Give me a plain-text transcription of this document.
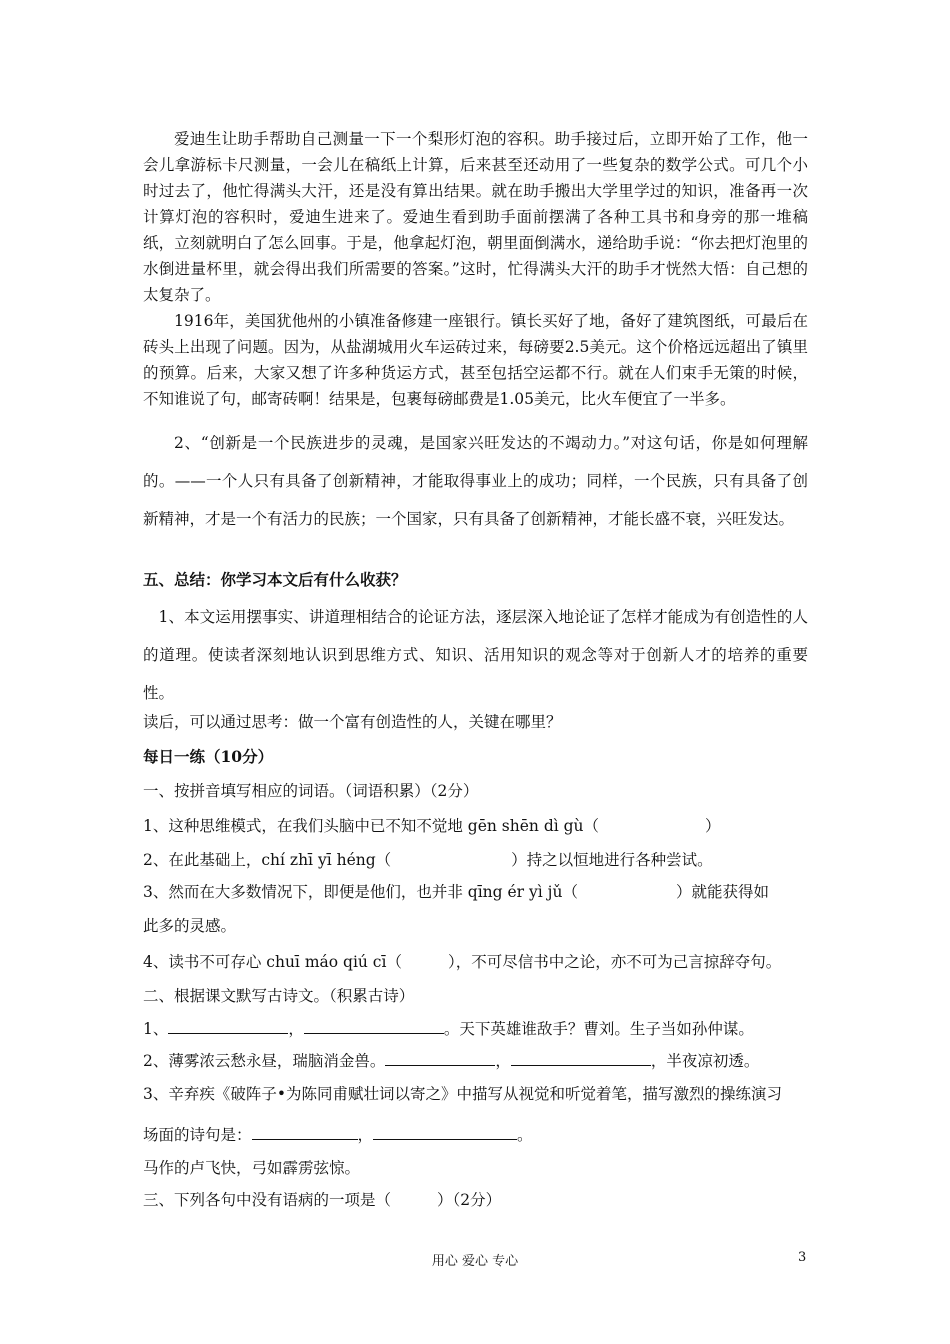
爱迪生让助手帮助自己测量一下一个梨形灯泡的容积。助手接过后，立即开始了工作，他一会儿拿游标卡尺测量，一会儿在稿纸上计算，后来甚至还动用了一些复杂的数学公式。可几个小时过去了，他忙得满头大汗，还是没有算出结果。就在助手搬出大学里学过的知识，准备再一次计算灯泡的容积时，爱迪生进来了。爱迪生看到助手面前摆满了各种工具书和身旁的那一堆稿纸，立刻就明白了怎么回事。于是，他拿起灯泡，朝里面倒满水，递给助手说：“你去把灯泡里的水倒进量杯里，就会得出我们所需要的答案。”这时，忙得满头大汗的助手才恍然大悟：自己想的太复杂了。

1916年，美国犹他州的小镇准备修建一座银行。镇长买好了地，备好了建筑图纸，可最后在砖头上出现了问题。因为，从盐湖城用火车运砖过来，每磅要2.5美元。这个价格远远超出了镇里的预算。后来，大家又想了许多种货运方式，甚至包括空运都不行。就在人们束手无策的时候，不知谁说了句，邮寄砖啊！结果是，包裹每磅邮费是1.05美元，比火车便宜了一半多。

2、“创新是一个民族进步的灵魂，是国家兴旺发达的不竭动力。”对这句话，你是如何理解的。——一个人只有具备了创新精神，才能取得事业上的成功；同样，一个民族，只有具备了创新精神，才是一个有活力的民族；一个国家，只有具备了创新精神，才能长盛不衰，兴旺发达。

五、总结：你学习本文后有什么收获？

1、本文运用摆事实、讲道理相结合的论证方法，逐层深入地论证了怎样才能成为有创造性的人的道理。使读者深刻地认识到思维方式、知识、活用知识的观念等对于创新人才的培养的重要性。

读后，可以通过思考：做一个富有创造性的人，关键在哪里？
每日一练（10分）
一、按拼音填写相应的词语。（词语积累）（2分）
1、这种思维模式，在我们头脑中已不知不觉地 gēn shēn dì gù（	）
2、在此基础上，chí zhī yī héng（	）持之以恒地进行各种尝试。
3、然而在大多数情况下，即便是他们，也并非 qīng ér yì jǔ（	）就能获得如
此多的灵感。
4、读书不可存心 chuī máo qiú cī（	），不可尽信书中之论，亦不可为己言掠辞夺句。
二、根据课文默写古诗文。（积累古诗）
1、	，	。天下英雄谁敌手？曹刘。生子当如孙仲谋。
2、薄雾浓云愁永昼，瑞脑消金兽。	，	，半夜凉初透。
3、辛弃疾《破阵子•为陈同甫赋壮词以寄之》中描写从视觉和听觉着笔，描写激烈的操练演习
场面的诗句是：	，	。
马作的卢飞快，弓如霹雳弦惊。
三、下列各句中没有语病的一项是（	）（2分）
用心 爱心 专心	3
